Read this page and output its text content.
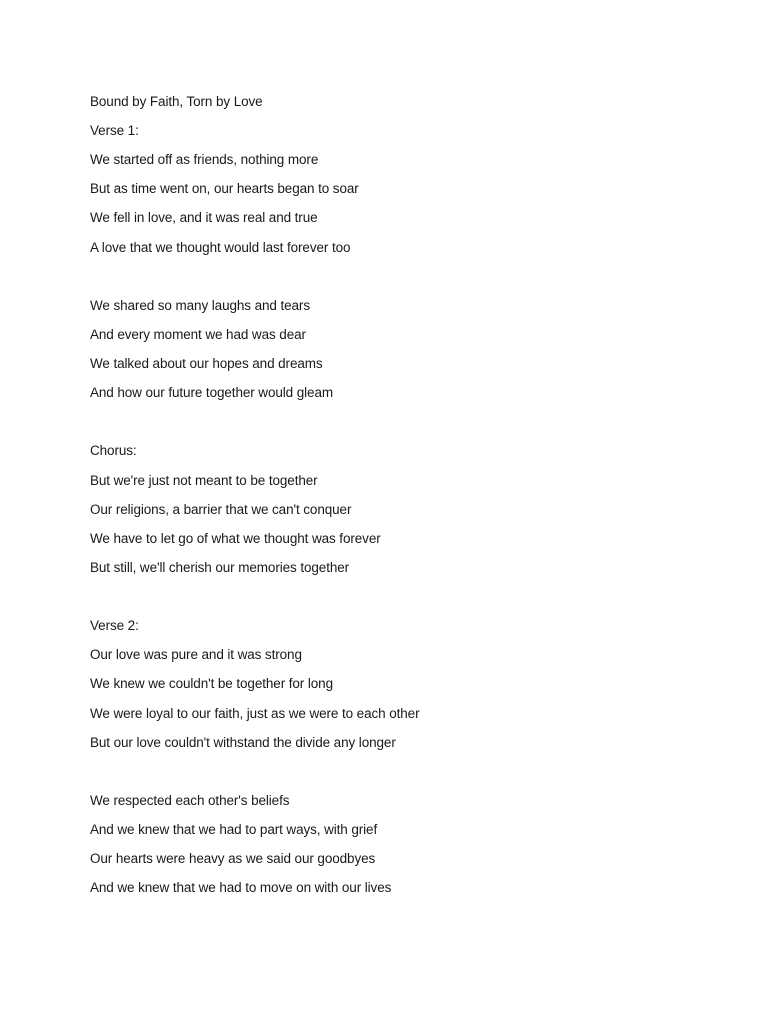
Bound by Faith, Torn by Love
Verse 1:
We started off as friends, nothing more
But as time went on, our hearts began to soar
We fell in love, and it was real and true
A love that we thought would last forever too
We shared so many laughs and tears
And every moment we had was dear
We talked about our hopes and dreams
And how our future together would gleam
Chorus:
But we're just not meant to be together
Our religions, a barrier that we can't conquer
We have to let go of what we thought was forever
But still, we'll cherish our memories together
Verse 2:
Our love was pure and it was strong
We knew we couldn't be together for long
We were loyal to our faith, just as we were to each other
But our love couldn't withstand the divide any longer
We respected each other's beliefs
And we knew that we had to part ways, with grief
Our hearts were heavy as we said our goodbyes
And we knew that we had to move on with our lives
